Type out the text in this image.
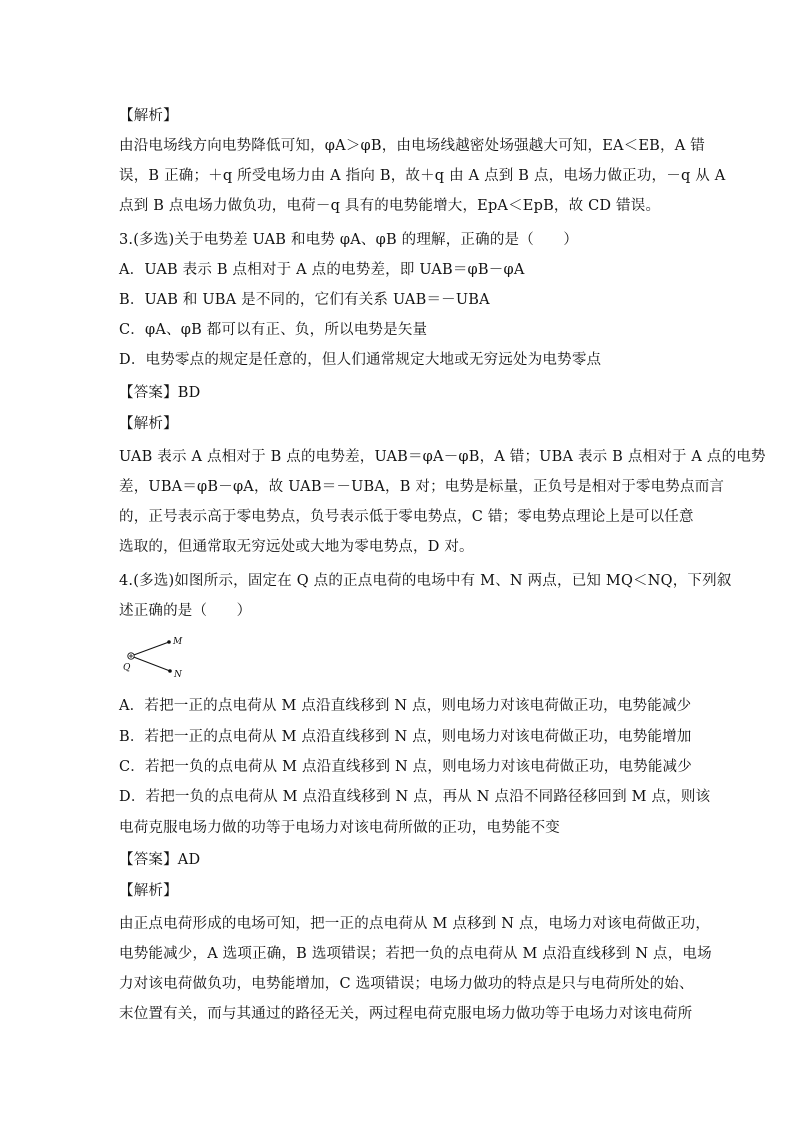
【解析】
由沿电场线方向电势降低可知，φA＞φB，由电场线越密处场强越大可知，EA＜EB，A 错
误，B 正确；＋q 所受电场力由 A 指向 B，故＋q 由 A 点到 B 点，电场力做正功，－q 从 A
点到 B 点电场力做负功，电荷－q 具有的电势能增大，EpA＜EpB，故 CD 错误。
3.(多选)关于电势差 UAB 和电势 φA、φB 的理解，正确的是（　　）
A．UAB 表示 B 点相对于 A 点的电势差，即 UAB＝φB－φA
B．UAB 和 UBA 是不同的，它们有关系 UAB＝－UBA
C．φA、φB 都可以有正、负，所以电势是矢量
D．电势零点的规定是任意的，但人们通常规定大地或无穷远处为电势零点
【答案】BD
【解析】
UAB 表示 A 点相对于 B 点的电势差，UAB＝φA－φB，A 错；UBA 表示 B 点相对于 A 点的电势
差，UBA＝φB－φA，故 UAB＝－UBA，B 对；电势是标量，正负号是相对于零电势点而言
的，正号表示高于零电势点，负号表示低于零电势点，C 错；零电势点理论上是可以任意
选取的，但通常取无穷远处或大地为零电势点，D 对。
4.(多选)如图所示，固定在 Q 点的正点电荷的电场中有 M、N 两点，已知 MQ＜NQ，下列叙
述正确的是（　　）
A．若把一正的点电荷从 M 点沿直线移到 N 点，则电场力对该电荷做正功，电势能减少
B．若把一正的点电荷从 M 点沿直线移到 N 点，则电场力对该电荷做正功，电势能增加
C．若把一负的点电荷从 M 点沿直线移到 N 点，则电场力对该电荷做正功，电势能减少
D．若把一负的点电荷从 M 点沿直线移到 N 点，再从 N 点沿不同路径移回到 M 点，则该
电荷克服电场力做的功等于电场力对该电荷所做的正功，电势能不变
【答案】AD
【解析】
由正点电荷形成的电场可知，把一正的点电荷从 M 点移到 N 点，电场力对该电荷做正功，
电势能减少，A 选项正确，B 选项错误；若把一负的点电荷从 M 点沿直线移到 N 点，电场
力对该电荷做负功，电势能增加，C 选项错误；电场力做功的特点是只与电荷所处的始、
末位置有关，而与其通过的路径无关，两过程电荷克服电场力做功等于电场力对该电荷所
Q
M
N
